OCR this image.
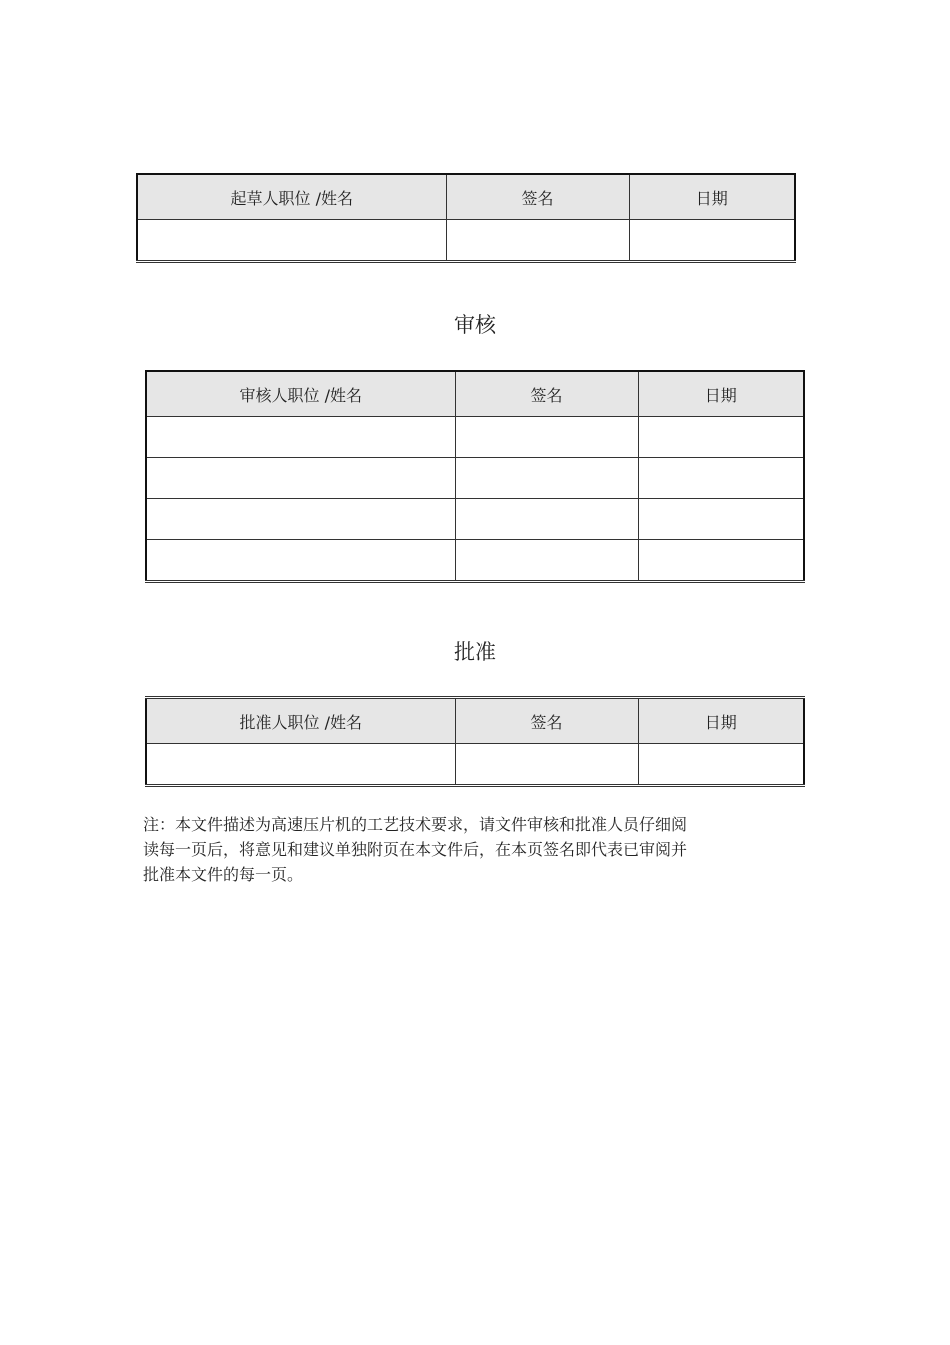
起草人职位 /姓名	签名	日期

审核
审核人职位 /姓名	签名	日期

批准
批准人职位 /姓名	签名	日期

注：本文件描述为高速压片机的工艺技术要求，请文件审核和批准人员仔细阅
读每一页后，将意见和建议单独附页在本文件后，在本页签名即代表已审阅并
批准本文件的每一页。
